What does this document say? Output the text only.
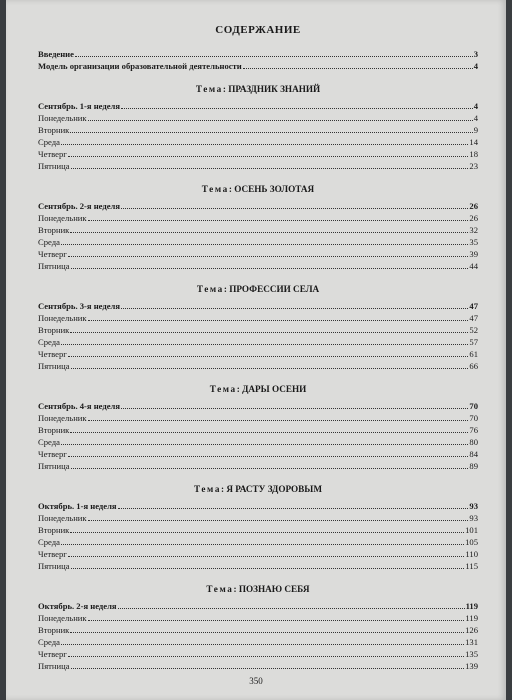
СОДЕРЖАНИЕ
Введение	3
Модель организации образовательной деятельности	4
Тема: ПРАЗДНИК ЗНАНИЙ
Сентябрь. 1-я неделя	4
Понедельник	4
Вторник	9
Среда	14
Четверг	18
Пятница	23
Тема: ОСЕНЬ ЗОЛОТАЯ
Сентябрь. 2-я неделя	26
Понедельник	26
Вторник	32
Среда	35
Четверг	39
Пятница	44
Тема: ПРОФЕССИИ СЕЛА
Сентябрь. 3-я неделя	47
Понедельник	47
Вторник	52
Среда	57
Четверг	61
Пятница	66
Тема: ДАРЫ ОСЕНИ
Сентябрь. 4-я неделя	70
Понедельник	70
Вторник	76
Среда	80
Четверг	84
Пятница	89
Тема: Я РАСТУ ЗДОРОВЫМ
Октябрь. 1-я неделя	93
Понедельник	93
Вторник	101
Среда	105
Четверг	110
Пятница	115
Тема: ПОЗНАЮ СЕБЯ
Октябрь. 2-я неделя	119
Понедельник	119
Вторник	126
Среда	131
Четверг	135
Пятница	139
350
